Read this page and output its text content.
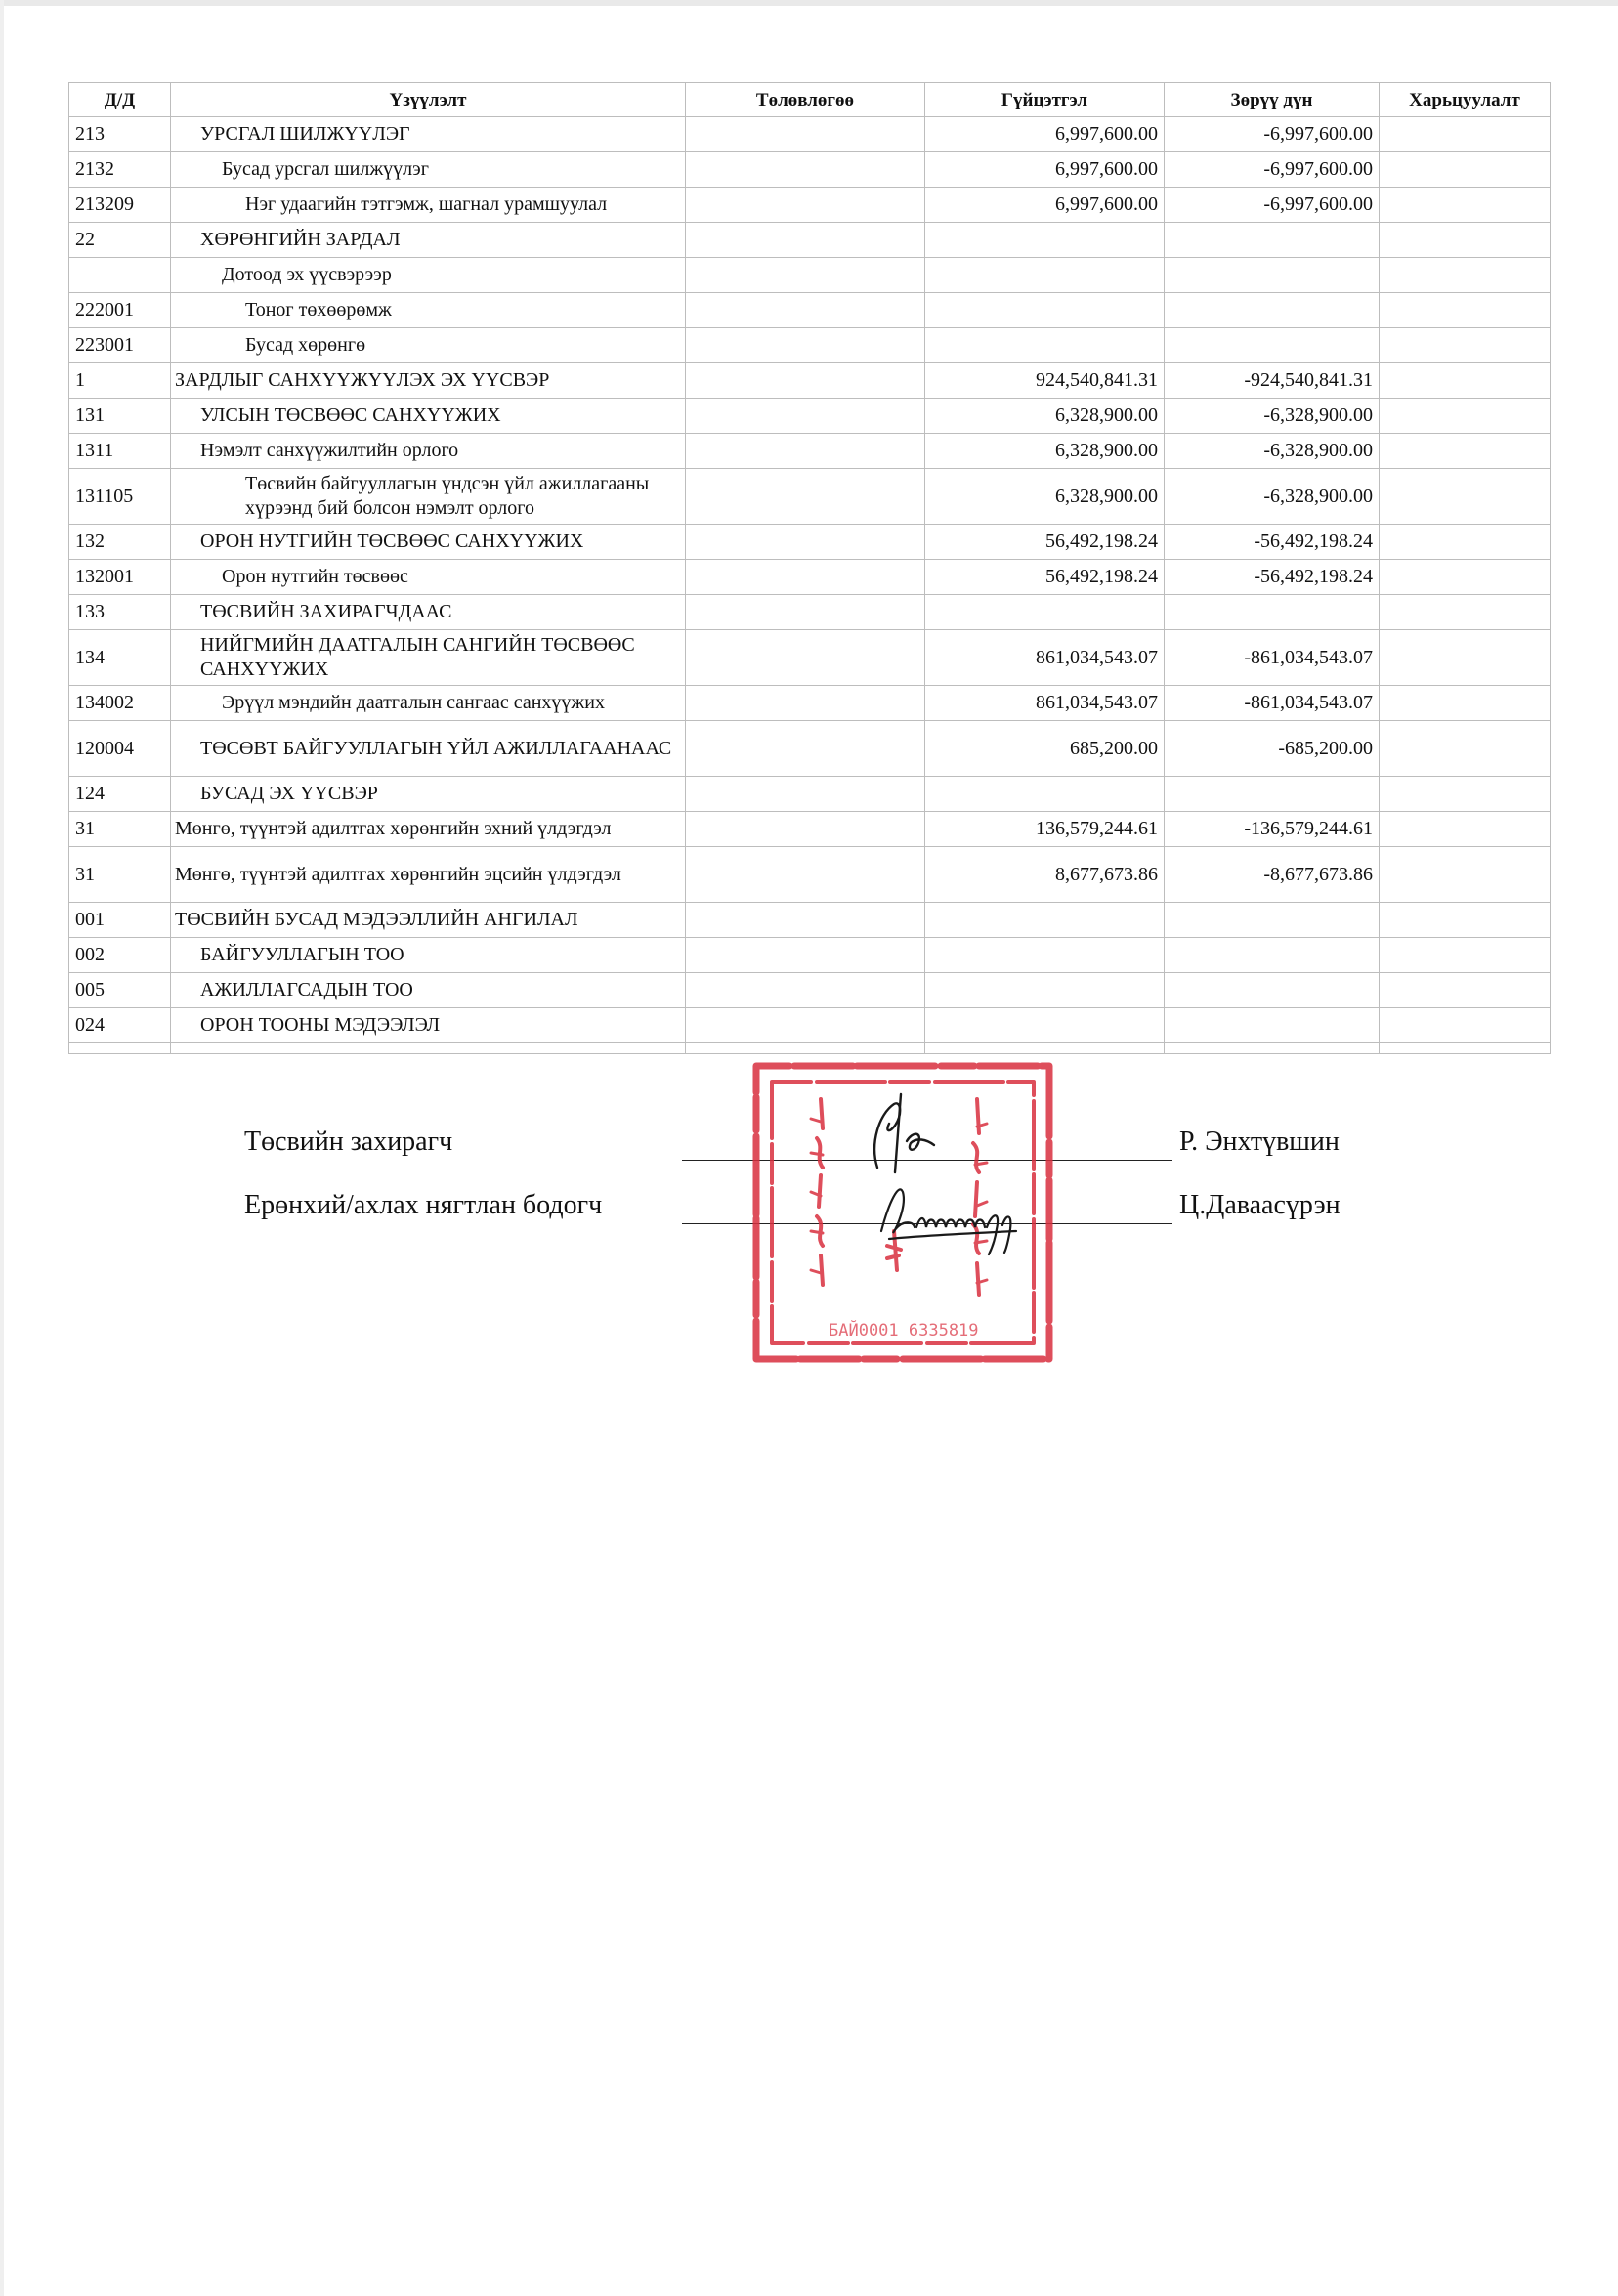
Д/Д	Үзүүлэлт	Төлөвлөгөө	Гүйцэтгэл	Зөрүү дүн	Харьцуулалт
213	УРСГАЛ ШИЛЖҮҮЛЭГ		6,997,600.00	-6,997,600.00	
2132	Бусад урсгал шилжүүлэг		6,997,600.00	-6,997,600.00	
213209	Нэг удаагийн тэтгэмж, шагнал урамшуулал		6,997,600.00	-6,997,600.00	
22	ХӨРӨНГИЙН ЗАРДАЛ				
	Дотоод эх үүсвэрээр				
222001	Тоног төхөөрөмж				
223001	Бусад хөрөнгө				
1	ЗАРДЛЫГ САНХҮҮЖҮҮЛЭХ ЭХ ҮҮСВЭР		924,540,841.31	-924,540,841.31	
131	УЛСЫН ТӨСВӨӨС САНХҮҮЖИХ		6,328,900.00	-6,328,900.00	
1311	Нэмэлт санхүүжилтийн орлого		6,328,900.00	-6,328,900.00	
131105	Төсвийн байгууллагын үндсэн үйл ажиллагааны хүрээнд бий болсон нэмэлт орлого		6,328,900.00	-6,328,900.00	
132	ОРОН НУТГИЙН ТӨСВӨӨС САНХҮҮЖИХ		56,492,198.24	-56,492,198.24	
132001	Орон нутгийн төсвөөс		56,492,198.24	-56,492,198.24	
133	ТӨСВИЙН ЗАХИРАГЧДААС				
134	НИЙГМИЙН ДААТГАЛЫН САНГИЙН ТӨСВӨӨС САНХҮҮЖИХ		861,034,543.07	-861,034,543.07	
134002	Эрүүл мэндийн даатгалын сангаас санхүүжих		861,034,543.07	-861,034,543.07	
120004	ТӨСӨВТ БАЙГУУЛЛАГЫН ҮЙЛ АЖИЛЛАГААНААС		685,200.00	-685,200.00	
124	БУСАД ЭХ ҮҮСВЭР				
31	Мөнгө, түүнтэй адилтгах хөрөнгийн эхний үлдэгдэл		136,579,244.61	-136,579,244.61	
31	Мөнгө, түүнтэй адилтгах хөрөнгийн эцсийн үлдэгдэл		8,677,673.86	-8,677,673.86	
001	ТӨСВИЙН БУСАД МЭДЭЭЛЛИЙН АНГИЛАЛ				
002	БАЙГУУЛЛАГЫН ТОО				
005	АЖИЛЛАГСАДЫН ТОО				
024	ОРОН ТООНЫ МЭДЭЭЛЭЛ				

Төсвийн захирагч	Р. Энхтүвшин
Ерөнхий/ахлах нягтлан бодогч	Ц.Даваасүрэн
БАЙ0001 6335819
